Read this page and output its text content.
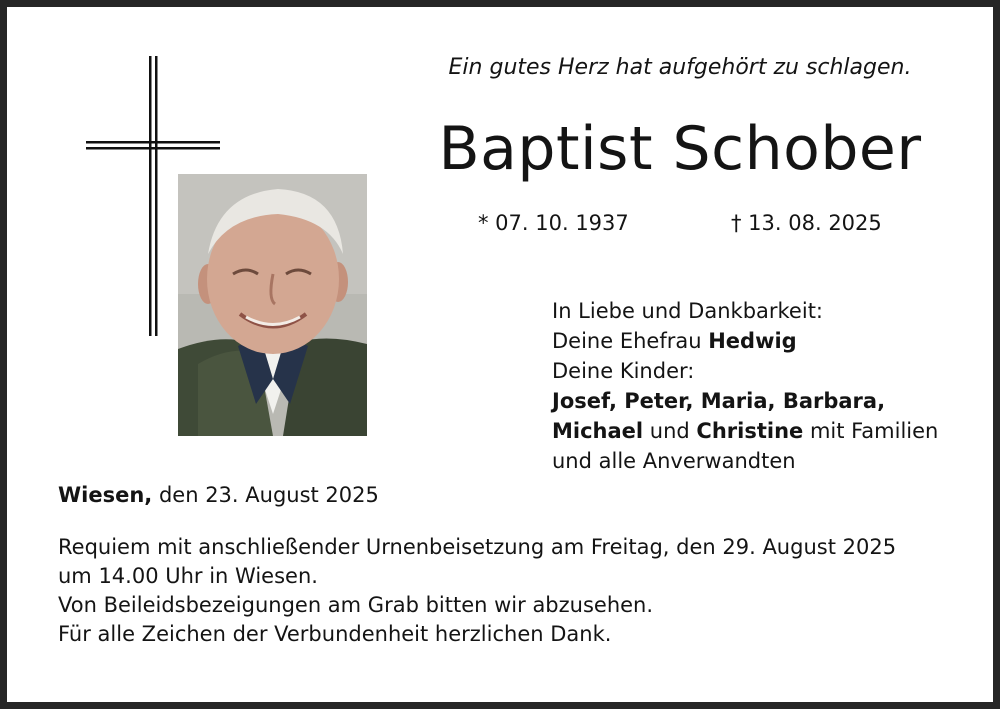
Ein gutes Herz hat aufgehört zu schlagen.
Baptist Schober
* 07. 10. 1937	† 13. 08. 2025
In Liebe und Dankbarkeit:
Deine Ehefrau Hedwig
Deine Kinder:
Josef, Peter, Maria, Barbara,
Michael und Christine mit Familien
und alle Anverwandten
Wiesen, den 23. August 2025
Requiem mit anschließender Urnenbeisetzung am Freitag, den 29. August 2025
um 14.00 Uhr in Wiesen.
Von Beileidsbezeigungen am Grab bitten wir abzusehen.
Für alle Zeichen der Verbundenheit herzlichen Dank.
